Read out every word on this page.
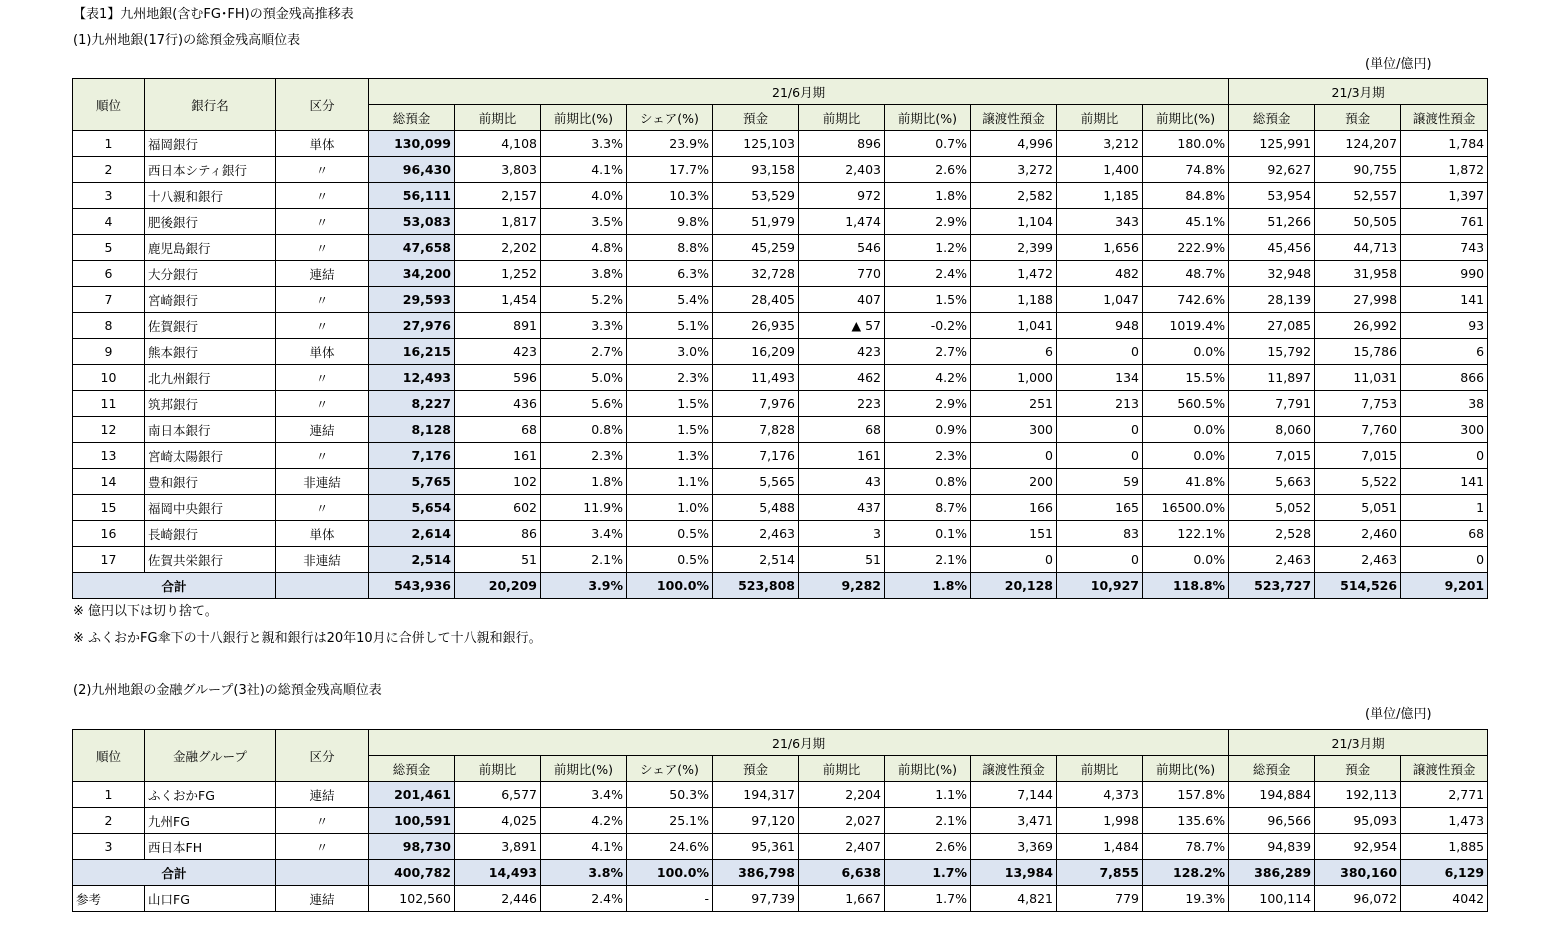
【表1】九州地銀(含むFG･FH)の預金残高推移表
(1)九州地銀(17行)の総預金残高順位表
(単位/億円)
順位	銀行名	区分	21/6月期										21/3月期		
			総預金	前期比	前期比(%)	シェア(%)	預金	前期比	前期比(%)	譲渡性預金	前期比	前期比(%)	総預金	預金	譲渡性預金
1	福岡銀行	単体	130,099	4,108	3.3%	23.9%	125,103	896	0.7%	4,996	3,212	180.0%	125,991	124,207	1,784
2	西日本シティ銀行	〃	96,430	3,803	4.1%	17.7%	93,158	2,403	2.6%	3,272	1,400	74.8%	92,627	90,755	1,872
3	十八親和銀行	〃	56,111	2,157	4.0%	10.3%	53,529	972	1.8%	2,582	1,185	84.8%	53,954	52,557	1,397
4	肥後銀行	〃	53,083	1,817	3.5%	9.8%	51,979	1,474	2.9%	1,104	343	45.1%	51,266	50,505	761
5	鹿児島銀行	〃	47,658	2,202	4.8%	8.8%	45,259	546	1.2%	2,399	1,656	222.9%	45,456	44,713	743
6	大分銀行	連結	34,200	1,252	3.8%	6.3%	32,728	770	2.4%	1,472	482	48.7%	32,948	31,958	990
7	宮崎銀行	〃	29,593	1,454	5.2%	5.4%	28,405	407	1.5%	1,188	1,047	742.6%	28,139	27,998	141
8	佐賀銀行	〃	27,976	891	3.3%	5.1%	26,935	▲ 57	-0.2%	1,041	948	1019.4%	27,085	26,992	93
9	熊本銀行	単体	16,215	423	2.7%	3.0%	16,209	423	2.7%	6	0	0.0%	15,792	15,786	6
10	北九州銀行	〃	12,493	596	5.0%	2.3%	11,493	462	4.2%	1,000	134	15.5%	11,897	11,031	866
11	筑邦銀行	〃	8,227	436	5.6%	1.5%	7,976	223	2.9%	251	213	560.5%	7,791	7,753	38
12	南日本銀行	連結	8,128	68	0.8%	1.5%	7,828	68	0.9%	300	0	0.0%	8,060	7,760	300
13	宮崎太陽銀行	〃	7,176	161	2.3%	1.3%	7,176	161	2.3%	0	0	0.0%	7,015	7,015	0
14	豊和銀行	非連結	5,765	102	1.8%	1.1%	5,565	43	0.8%	200	59	41.8%	5,663	5,522	141
15	福岡中央銀行	〃	5,654	602	11.9%	1.0%	5,488	437	8.7%	166	165	16500.0%	5,052	5,051	1
16	長崎銀行	単体	2,614	86	3.4%	0.5%	2,463	3	0.1%	151	83	122.1%	2,528	2,460	68
17	佐賀共栄銀行	非連結	2,514	51	2.1%	0.5%	2,514	51	2.1%	0	0	0.0%	2,463	2,463	0
合計			543,936	20,209	3.9%	100.0%	523,808	9,282	1.8%	20,128	10,927	118.8%	523,727	514,526	9,201
※ 億円以下は切り捨て。
※ ふくおかFG傘下の十八銀行と親和銀行は20年10月に合併して十八親和銀行。
(2)九州地銀の金融グループ(3社)の総預金残高順位表
(単位/億円)
順位	金融グループ	区分	21/6月期										21/3月期		
			総預金	前期比	前期比(%)	シェア(%)	預金	前期比	前期比(%)	譲渡性預金	前期比	前期比(%)	総預金	預金	譲渡性預金
1	ふくおかFG	連結	201,461	6,577	3.4%	50.3%	194,317	2,204	1.1%	7,144	4,373	157.8%	194,884	192,113	2,771
2	九州FG	〃	100,591	4,025	4.2%	25.1%	97,120	2,027	2.1%	3,471	1,998	135.6%	96,566	95,093	1,473
3	西日本FH	〃	98,730	3,891	4.1%	24.6%	95,361	2,407	2.6%	3,369	1,484	78.7%	94,839	92,954	1,885
合計			400,782	14,493	3.8%	100.0%	386,798	6,638	1.7%	13,984	7,855	128.2%	386,289	380,160	6,129
参考	山口FG	連結	102,560	2,446	2.4%	-	97,739	1,667	1.7%	4,821	779	19.3%	100,114	96,072	4042
